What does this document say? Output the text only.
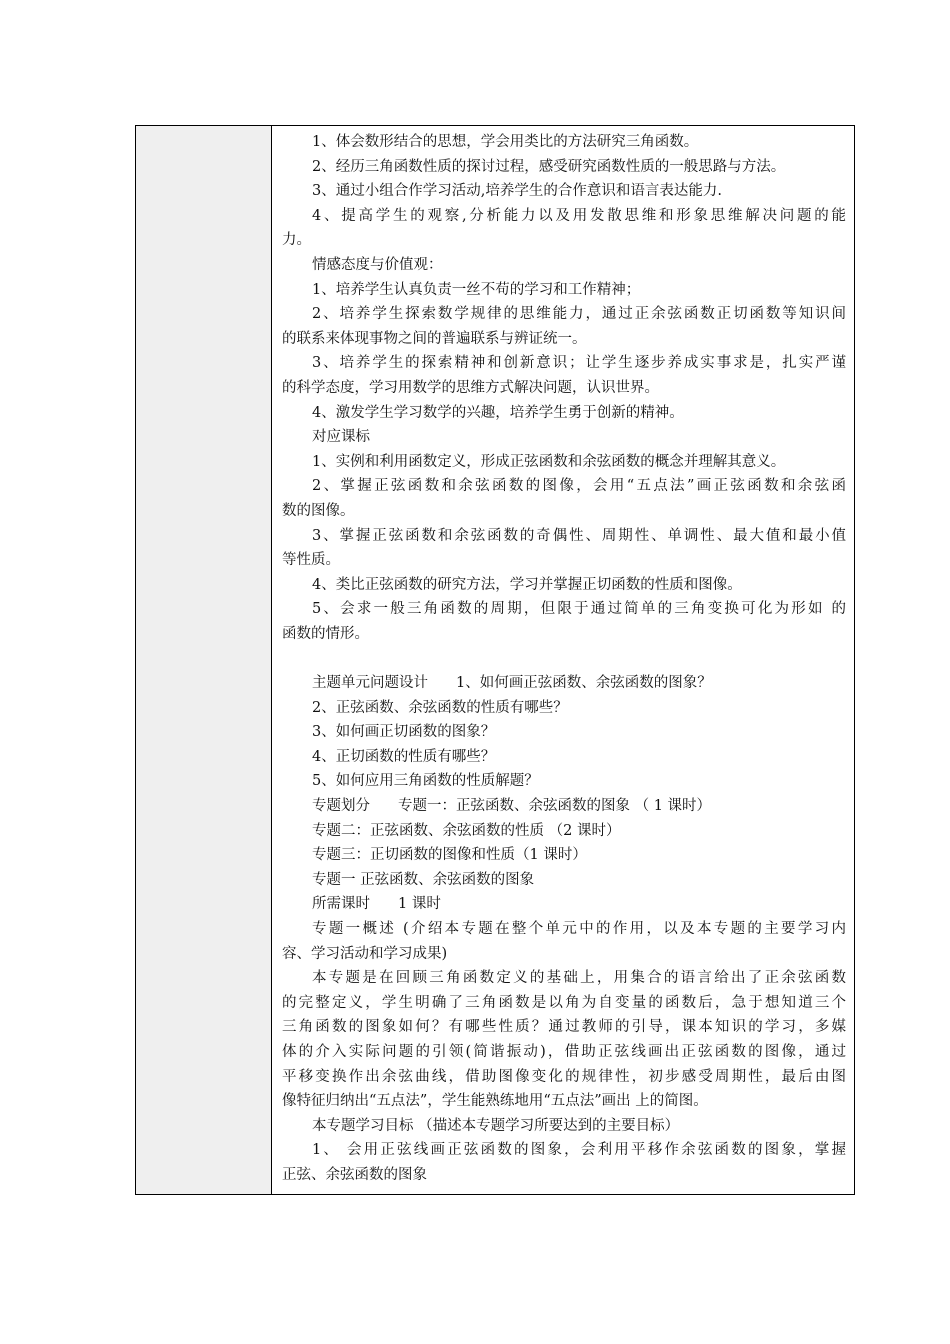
1、体会数形结合的思想，学会用类比的方法研究三角函数。
2、经历三角函数性质的探讨过程，感受研究函数性质的一般思路与方法。
3、通过小组合作学习活动,培养学生的合作意识和语言表达能力.
4、提高学生的观察,分析能力以及用发散思维和形象思维解决问题的能
力。
情感态度与价值观：
1、培养学生认真负责一丝不苟的学习和工作精神；
2、培养学生探索数学规律的思维能力，通过正余弦函数正切函数等知识间
的联系来体现事物之间的普遍联系与辨证统一。
3、培养学生的探索精神和创新意识；让学生逐步养成实事求是，扎实严谨
的科学态度，学习用数学的思维方式解决问题，认识世界。
4、激发学生学习数学的兴趣，培养学生勇于创新的精神。
对应课标
1、实例和利用函数定义，形成正弦函数和余弦函数的概念并理解其意义。
2、掌握正弦函数和余弦函数的图像，会用“五点法”画正弦函数和余弦函
数的图像。
3、掌握正弦函数和余弦函数的奇偶性、周期性、单调性、最大值和最小值
等性质。
4、类比正弦函数的研究方法，学习并掌握正切函数的性质和图像。
5、会求一般三角函数的周期，但限于通过简单的三角变换可化为形如 的
函数的情形。
主题单元问题设计 1、如何画正弦函数、余弦函数的图象？
2、正弦函数、余弦函数的性质有哪些？
3、如何画正切函数的图象？
4、正切函数的性质有哪些？
5、如何应用三角函数的性质解题？
专题划分 专题一：正弦函数、余弦函数的图象 （ 1 课时）
专题二：正弦函数、余弦函数的性质 （2 课时）
专题三：正切函数的图像和性质（1 课时）
专题一 正弦函数、余弦函数的图象
所需课时 1 课时
专题一概述 (介绍本专题在整个单元中的作用，以及本专题的主要学习内
容、学习活动和学习成果)
本专题是在回顾三角函数定义的基础上，用集合的语言给出了正余弦函数
的完整定义，学生明确了三角函数是以角为自变量的函数后，急于想知道三个
三角函数的图象如何？有哪些性质？通过教师的引导，课本知识的学习，多媒
体的介入实际问题的引领(简谐振动)，借助正弦线画出正弦函数的图像，通过
平移变换作出余弦曲线，借助图像变化的规律性，初步感受周期性，最后由图
像特征归纳出“五点法”，学生能熟练地用“五点法”画出 上的简图。
本专题学习目标 （描述本专题学习所要达到的主要目标）
1、 会用正弦线画正弦函数的图象，会利用平移作余弦函数的图象，掌握
正弦、余弦函数的图象
